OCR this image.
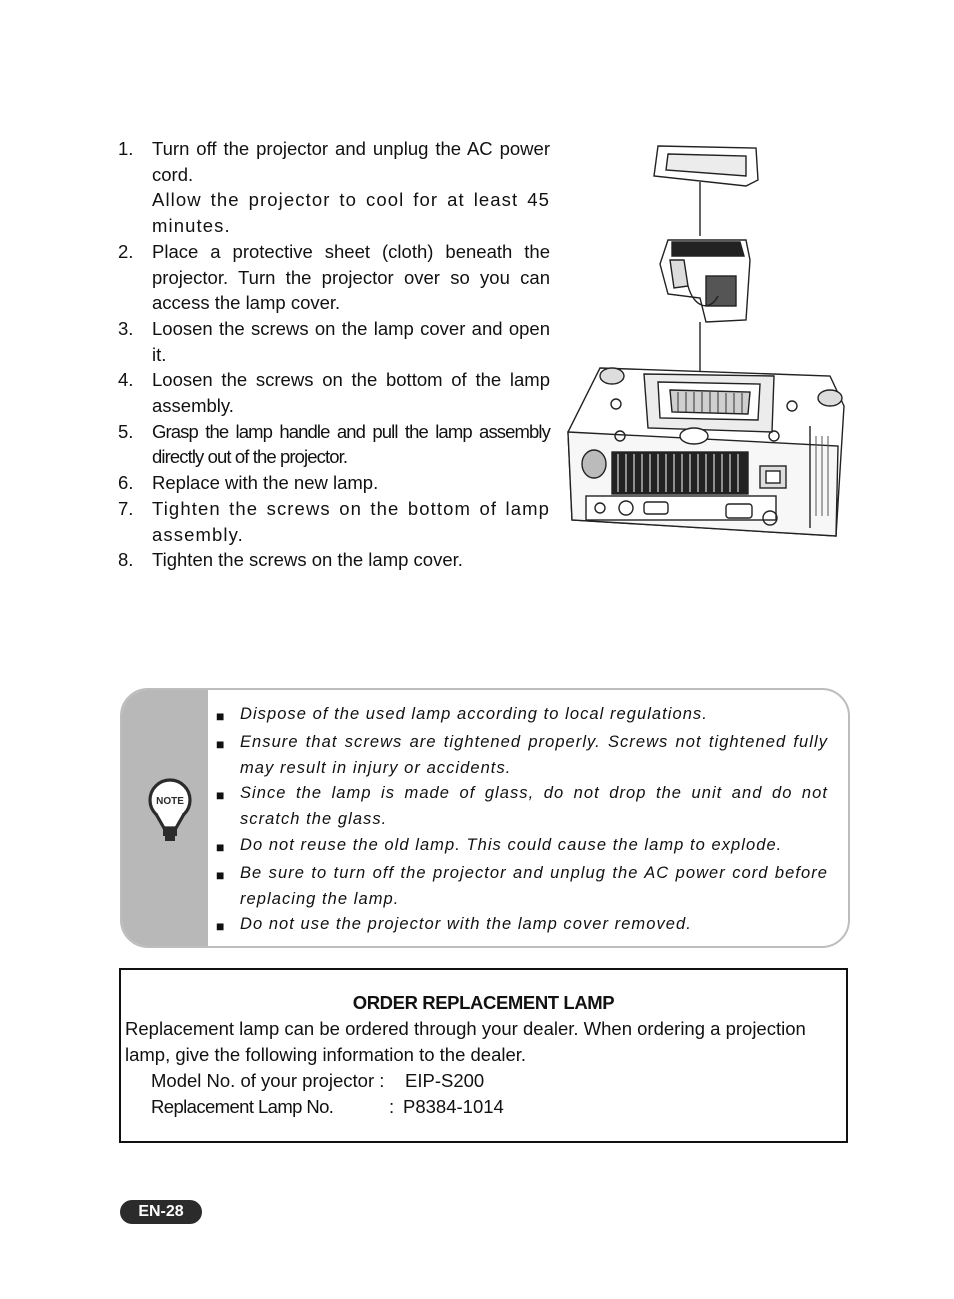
1.	Turn off the projector and unplug the AC power cord.
Allow the projector to cool for at least 45 minutes.
2.	Place a protective sheet (cloth) beneath the projector. Turn the projector over so you can access the lamp cover.
3.	Loosen the screws on the lamp cover and open it.
4.	Loosen the screws on the bottom of the lamp assembly.
5.	Grasp the lamp handle and pull the lamp assembly directly out of the projector.
6.	Replace with the new lamp.
7.	Tighten the screws on the bottom of lamp assembly.
8.	Tighten the screws on the lamp cover.
NOTE
■ Dispose of the used lamp according to local regulations.
■ Ensure that screws are tightened properly. Screws not tightened fully may result in injury or accidents.
■ Since the lamp is made of glass, do not drop the unit and do not scratch the glass.
■ Do not reuse the old lamp. This could cause the lamp to explode.
■ Be sure to turn off the projector and unplug the AC power cord before replacing the lamp.
■ Do not use the projector with the lamp cover removed.
ORDER REPLACEMENT LAMP
Replacement lamp can be ordered through your dealer. When ordering a projection lamp, give the following information to the dealer.
Model No. of your projector : EIP-S200
Replacement Lamp No.	: P8384-1014
EN-28
